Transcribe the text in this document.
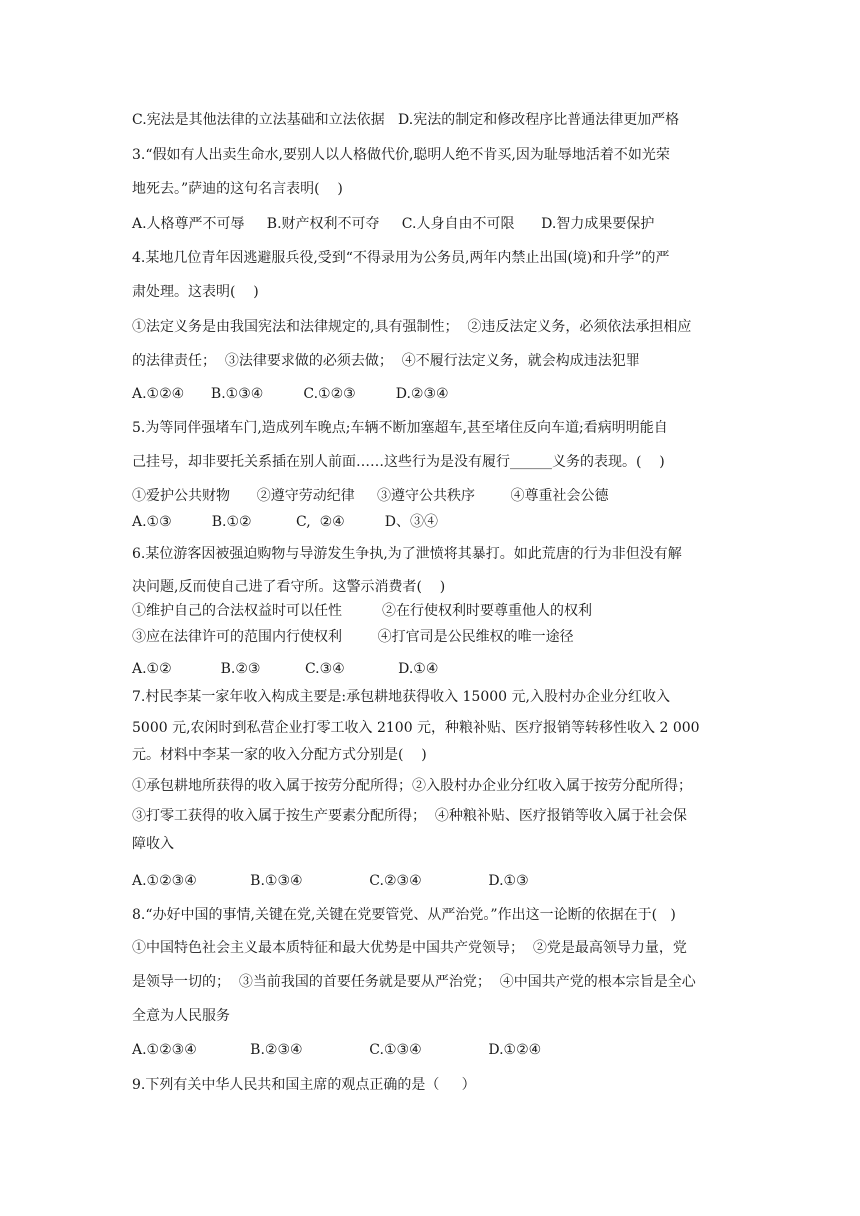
C.宪法是其他法律的立法基础和立法依据   D.宪法的制定和修改程序比普通法律更加严格
3.“假如有人出卖生命水,要别人以人格做代价,聪明人绝不肯买,因为耻辱地活着不如光荣
地死去。”萨迪的这句名言表明(    )
A.人格尊严不可辱     B.财产权利不可夺     C.人身自由不可限      D.智力成果要保护
4.某地几位青年因逃避服兵役,受到“不得录用为公务员,两年内禁止出国(境)和升学”的严
肃处理。这表明(    )
①法定义务是由我国宪法和法律规定的,具有强制性；  ②违反法定义务，必须依法承担相应
的法律责任；  ③法律要求做的必须去做；  ④不履行法定义务，就会构成违法犯罪
A.①②④      B.①③④         C.①②③         D.②③④
5.为等同伴强堵车门,造成列车晚点;车辆不断加塞超车,甚至堵住反向车道;看病明明能自
己挂号，却非要托关系插在别人前面……这些行为是没有履行______义务的表现。(    )
①爱护公共财物      ②遵守劳动纪律     ③遵守公共秩序        ④尊重社会公德
A.①③         B.①②          C,  ②④         D、③④
6.某位游客因被强迫购物与导游发生争执,为了泄愤将其暴打。如此荒唐的行为非但没有解
决问题,反而使自己进了看守所。这警示消费者(    )
①维护自己的合法权益时可以任性         ②在行使权利时要尊重他人的权利
③应在法律许可的范围内行使权利        ④打官司是公民维权的唯一途径
A.①②           B.②③          C.③④            D.①④
7.村民李某一家年收入构成主要是:承包耕地获得收入 15000 元,入股村办企业分红收入
5000 元,农闲时到私营企业打零工收入 2100 元，种粮补贴、医疗报销等转移性收入 2 000
元。材料中李某一家的收入分配方式分别是(    )
①承包耕地所获得的收入属于按劳分配所得；②入股村办企业分红收入属于按劳分配所得；
③打零工获得的收入属于按生产要素分配所得；  ④种粮补贴、医疗报销等收入属于社会保
障收入
A.①②③④            B.①③④               C.②③④               D.①③
8.“办好中国的事情,关键在党,关键在党要管党、从严治党。”作出这一论断的依据在于(   )
①中国特色社会主义最本质特征和最大优势是中国共产党领导；  ②党是最高领导力量，党
是领导一切的；  ③当前我国的首要任务就是要从严治党；  ④中国共产党的根本宗旨是全心
全意为人民服务
A.①②③④            B.②③④               C.①③④               D.①②④
9.下列有关中华人民共和国主席的观点正确的是（     ）
